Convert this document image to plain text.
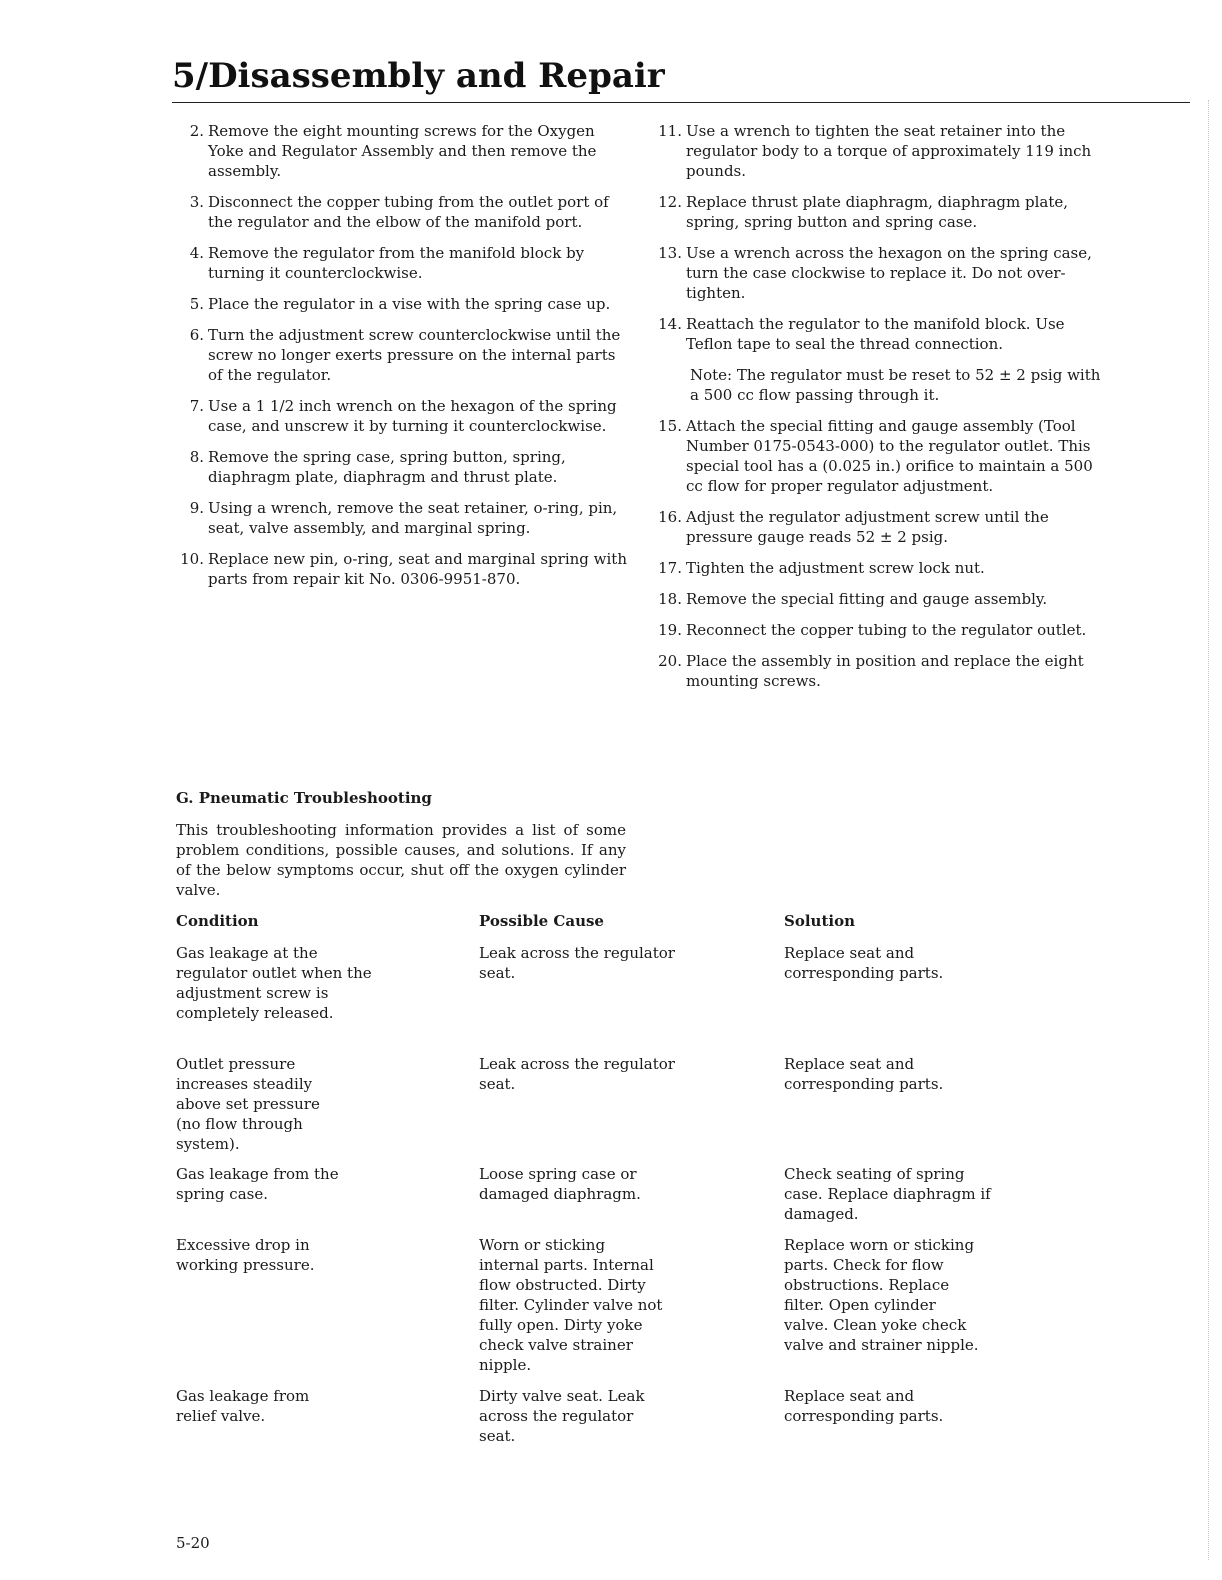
5/Disassembly and Repair
2. Remove the eight mounting screws for the Oxygen Yoke and Regulator Assembly and then remove the assembly.
3. Disconnect the copper tubing from the outlet port of the regulator and the elbow of the manifold port.
4. Remove the regulator from the manifold block by turning it counterclockwise.
5. Place the regulator in a vise with the spring case up.
6. Turn the adjustment screw counterclockwise until the screw no longer exerts pressure on the internal parts of the regulator.
7. Use a 1 1/2 inch wrench on the hexagon of the spring case, and unscrew it by turning it counterclockwise.
8. Remove the spring case, spring button, spring, diaphragm plate, diaphragm and thrust plate.
9. Using a wrench, remove the seat retainer, o-ring, pin, seat, valve assembly, and marginal spring.
10. Replace new pin, o-ring, seat and marginal spring with parts from repair kit No. 0306-9951-870.
11. Use a wrench to tighten the seat retainer into the regulator body to a torque of approximately 119 inch pounds.
12. Replace thrust plate diaphragm, diaphragm plate, spring, spring button and spring case.
13. Use a wrench across the hexagon on the spring case, turn the case clockwise to replace it. Do not over-tighten.
14. Reattach the regulator to the manifold block. Use Teflon tape to seal the thread connection.
Note: The regulator must be reset to 52 ± 2 psig with a 500 cc flow passing through it.
15. Attach the special fitting and gauge assembly (Tool Number 0175-0543-000) to the regulator outlet. This special tool has a (0.025 in.) orifice to maintain a 500 cc flow for proper regulator adjustment.
16. Adjust the regulator adjustment screw until the pressure gauge reads 52 ± 2 psig.
17. Tighten the adjustment screw lock nut.
18. Remove the special fitting and gauge assembly.
19. Reconnect the copper tubing to the regulator outlet.
20. Place the assembly in position and replace the eight mounting screws.
G. Pneumatic Troubleshooting
This troubleshooting information provides a list of some problem conditions, possible causes, and solutions. If any of the below symptoms occur, shut off the oxygen cylinder valve.
Condition	Possible Cause	Solution
Gas leakage at the regulator outlet when the adjustment screw is completely released.
Leak across the regulator seat.
Replace seat and corresponding parts.
Outlet pressure increases steadily above set pressure (no flow through system).
Leak across the regulator seat.
Replace seat and corresponding parts.
Gas leakage from the spring case.
Loose spring case or damaged diaphragm.
Check seating of spring case. Replace diaphragm if damaged.
Excessive drop in working pressure.
Worn or sticking internal parts. Internal flow obstructed. Dirty filter. Cylinder valve not fully open. Dirty yoke check valve strainer nipple.
Replace worn or sticking parts. Check for flow obstructions. Replace filter. Open cylinder valve. Clean yoke check valve and strainer nipple.
Gas leakage from relief valve.
Dirty valve seat. Leak across the regulator seat.
Replace seat and corresponding parts.
5-20
